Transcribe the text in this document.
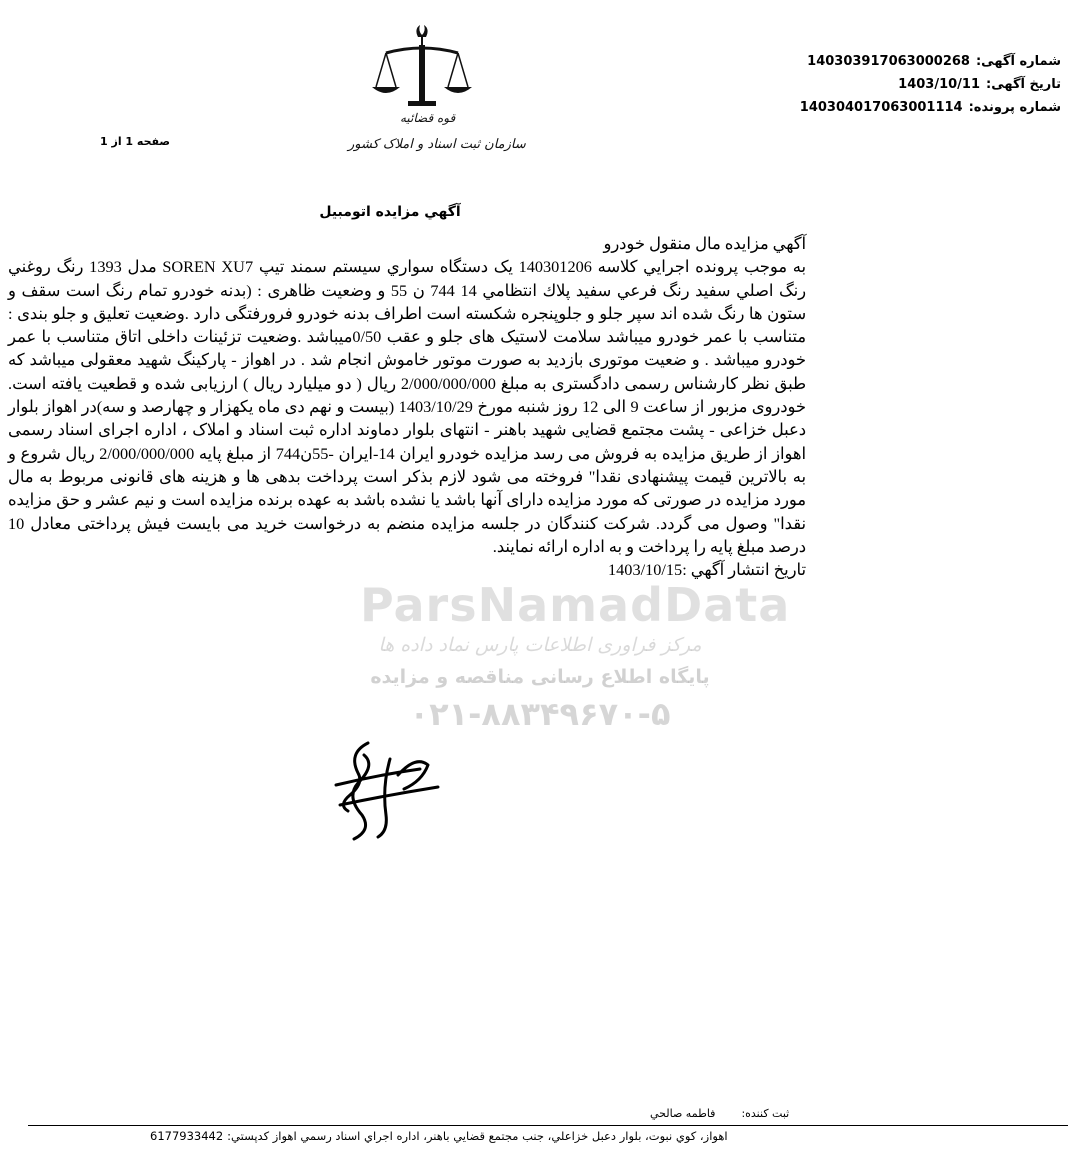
شماره آگهی:140303917063000268
تاریخ آگهی:1403/10/11
شماره پرونده:140304017063001114
قوه قضائیه
سازمان ثبت اسناد و املاک کشور
صفحه 1 از 1
آگهي مزايده اتومبيل

آگهي مزايده مال منقول خودرو

به موجب پرونده اجرايي كلاسه 140301206 يک دستگاه سواري سيستم سمند تيپ SOREN XU7 مدل 1393 رنگ روغني رنگ اصلي سفيد رنگ فرعي سفيد پلاك انتظامي 14 744 ن 55 و وضعيت ظاهرى : (بدنه خودرو تمام رنگ است سقف و ستون ها رنگ شده اند سپر جلو و جلوپنجره شكسته است اطراف بدنه خودرو فرورفتگى دارد .وضعيت تعليق و جلو بندى : متناسب با عمر خودرو ميباشد سلامت لاستيک هاى جلو و عقب 0/50ميباشد .وضعيت تزئينات داخلى اتاق متناسب با عمر خودرو ميباشد . و ضعيت موتورى بازديد به صورت موتور خاموش انجام شد . در اهواز - پاركينگ شهيد معقولى ميباشد كه طبق نظر كارشناس رسمى دادگسترى به مبلغ 2/000/000/000 ريال ( دو ميليارد ريال ) ارزيابى شده و قطعيت يافته است. خودروى مزبور از ساعت 9 الى 12 روز شنبه مورخ 1403/10/29 (بيست و نهم دى ماه يكهزار و چهارصد و سه)در اهواز بلوار دعبل خزاعى - پشت مجتمع قضايى شهيد باهنر - انتهاى بلوار دماوند اداره ثبت اسناد و املاک ، اداره اجراى اسناد رسمى اهواز از طريق مزايده به فروش مى رسد مزايده خودرو ايران 14-ايران -55ن744 از مبلغ پايه 2/000/000/000 ريال شروع و به بالاترين قيمت پيشنهادى نقدا" فروخته مى شود لازم بذكر است پرداخت بدهى ها و هزينه هاى قانونى مربوط به مال مورد مزايده در صورتى كه مورد مزايده داراى آنها باشد يا نشده باشد به عهده برنده مزايده است و نيم عشر و حق مزايده نقدا" وصول مى گردد. شركت كنندگان در جلسه مزايده منضم به درخواست خريد مى بايست فيش پرداختى معادل 10 درصد مبلغ پايه را پرداخت و به اداره ارائه نمايند.

تاريخ انتشار آگهي :1403/10/15

ParsNamadData
مرکز فراوری اطلاعات پارس نماد داده ها
پایگاه اطلاع رسانی مناقصه و مزایده
۰۲۱-۸۸۳۴۹۶۷۰-۵
ثبت كننده:فاطمه صالحي
اهواز، كوي نبوت، بلوار دعبل خزاعلي، جنب مجتمع قضايي باهنر، اداره اجراي اسناد رسمي اهواز كدپستي:6177933442
